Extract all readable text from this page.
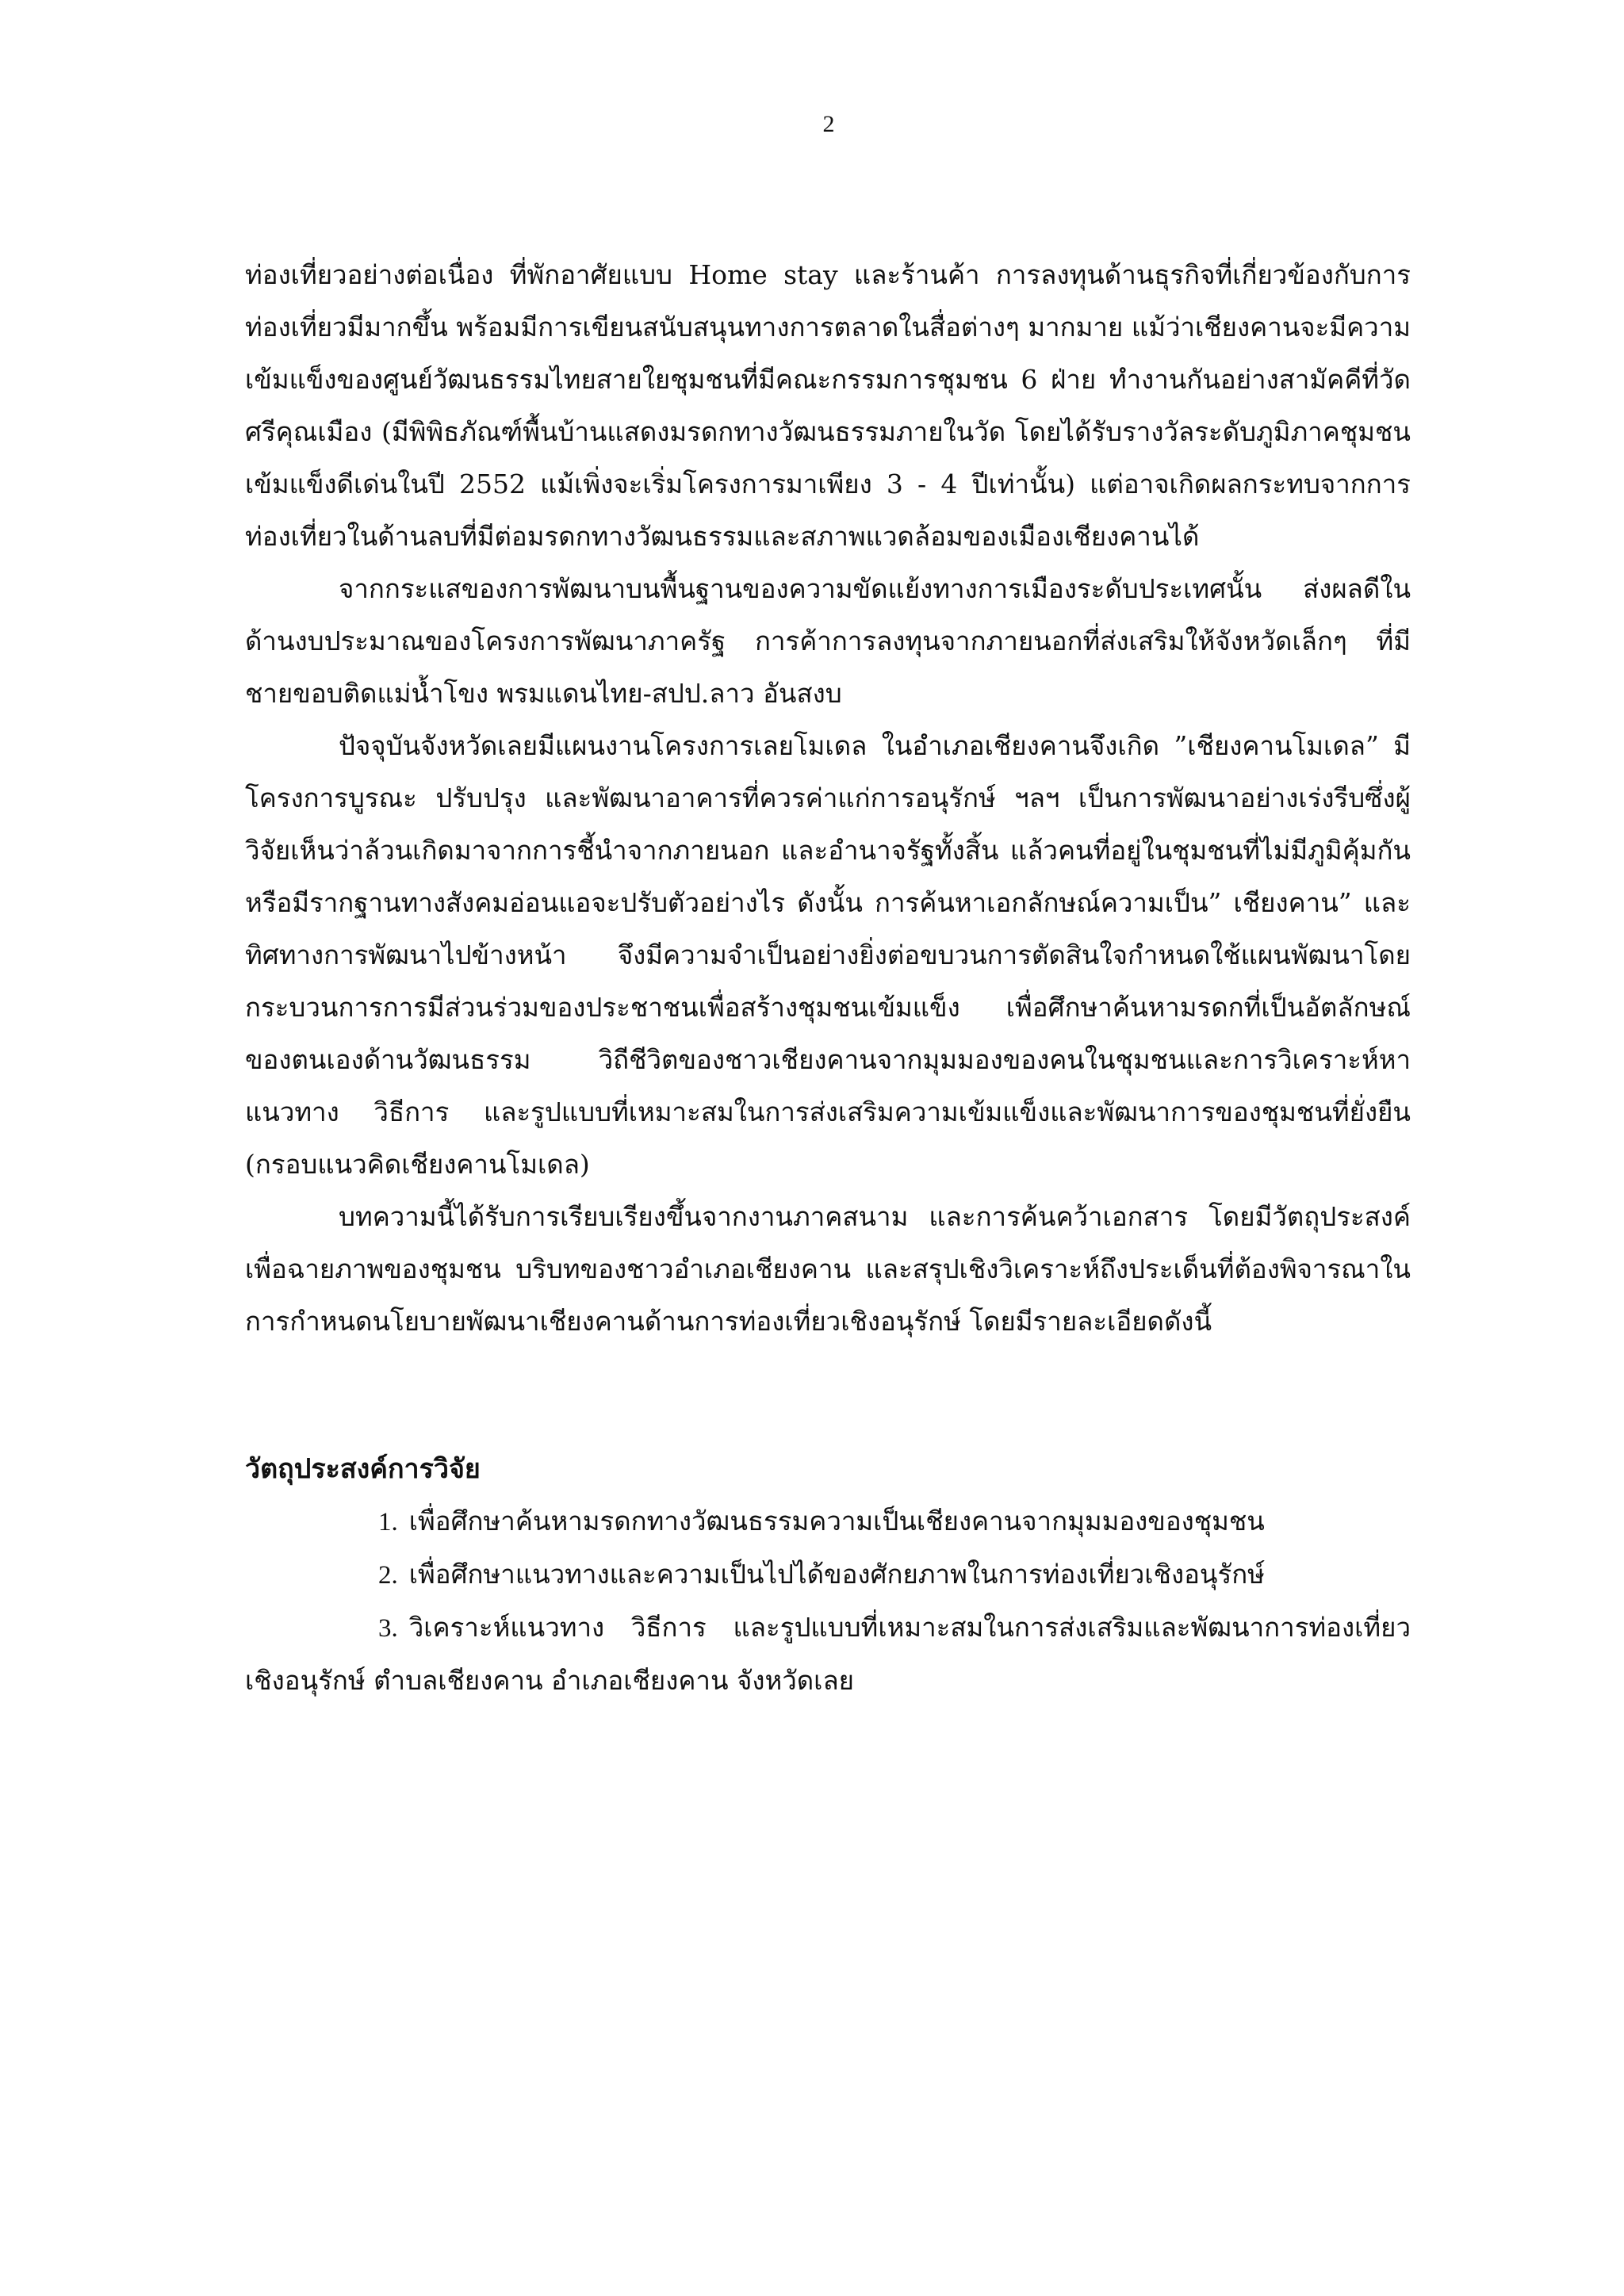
2

ท่องเที่ยวอย่างต่อเนื่อง ที่พักอาศัยแบบ Home stay และร้านค้า การลงทุนด้านธุรกิจที่เกี่ยวข้องกับการท่องเที่ยวมีมากขึ้น พร้อมมีการเขียนสนับสนุนทางการตลาดในสื่อต่างๆ มากมาย แม้ว่าเชียงคานจะมีความเข้มแข็งของศูนย์วัฒนธรรมไทยสายใยชุมชนที่มีคณะกรรมการชุมชน 6 ฝ่าย ทำงานกันอย่างสามัคคีที่วัดศรีคุณเมือง (มีพิพิธภัณฑ์พื้นบ้านแสดงมรดกทางวัฒนธรรมภายในวัด โดยได้รับรางวัลระดับภูมิภาคชุมชนเข้มแข็งดีเด่นในปี 2552 แม้เพิ่งจะเริ่มโครงการมาเพียง 3 - 4 ปีเท่านั้น) แต่อาจเกิดผลกระทบจากการท่องเที่ยวในด้านลบที่มีต่อมรดกทางวัฒนธรรมและสภาพแวดล้อมของเมืองเชียงคานได้

จากกระแสของการพัฒนาบนพื้นฐานของความขัดแย้งทางการเมืองระดับประเทศนั้น ส่งผลดีในด้านงบประมาณของโครงการพัฒนาภาครัฐ การค้าการลงทุนจากภายนอกที่ส่งเสริมให้จังหวัดเล็กๆ ที่มีชายขอบติดแม่น้ำโขง พรมแดนไทย-สปป.ลาว อันสงบ

ปัจจุบันจังหวัดเลยมีแผนงานโครงการเลยโมเดล ในอำเภอเชียงคานจึงเกิด ”เชียงคานโมเดล” มีโครงการบูรณะ ปรับปรุง และพัฒนาอาคารที่ควรค่าแก่การอนุรักษ์ ฯลฯ เป็นการพัฒนาอย่างเร่งรีบซึ่งผู้วิจัยเห็นว่าล้วนเกิดมาจากการชี้นำจากภายนอก และอำนาจรัฐทั้งสิ้น แล้วคนที่อยู่ในชุมชนที่ไม่มีภูมิคุ้มกันหรือมีรากฐานทางสังคมอ่อนแอจะปรับตัวอย่างไร ดังนั้น การค้นหาเอกลักษณ์ความเป็น” เชียงคาน” และทิศทางการพัฒนาไปข้างหน้า จึงมีความจำเป็นอย่างยิ่งต่อขบวนการตัดสินใจกำหนดใช้แผนพัฒนาโดยกระบวนการการมีส่วนร่วมของประชาชนเพื่อสร้างชุมชนเข้มแข็ง เพื่อศึกษาค้นหามรดกที่เป็นอัตลักษณ์ของตนเองด้านวัฒนธรรม วิถีชีวิตของชาวเชียงคานจากมุมมองของคนในชุมชนและการวิเคราะห์หาแนวทาง วิธีการ และรูปแบบที่เหมาะสมในการส่งเสริมความเข้มแข็งและพัฒนาการของชุมชนที่ยั่งยืน (กรอบแนวคิดเชียงคานโมเดล)

บทความนี้ได้รับการเรียบเรียงขึ้นจากงานภาคสนาม และการค้นคว้าเอกสาร โดยมีวัตถุประสงค์เพื่อฉายภาพของชุมชน บริบทของชาวอำเภอเชียงคาน และสรุปเชิงวิเคราะห์ถึงประเด็นที่ต้องพิจารณาในการกำหนดนโยบายพัฒนาเชียงคานด้านการท่องเที่ยวเชิงอนุรักษ์ โดยมีรายละเอียดดังนี้

วัตถุประสงค์การวิจัย
1. เพื่อศึกษาค้นหามรดกทางวัฒนธรรมความเป็นเชียงคานจากมุมมองของชุมชน
2. เพื่อศึกษาแนวทางและความเป็นไปได้ของศักยภาพในการท่องเที่ยวเชิงอนุรักษ์
3. วิเคราะห์แนวทาง วิธีการ และรูปแบบที่เหมาะสมในการส่งเสริมและพัฒนาการท่องเที่ยวเชิงอนุรักษ์ ตำบลเชียงคาน อำเภอเชียงคาน จังหวัดเลย
